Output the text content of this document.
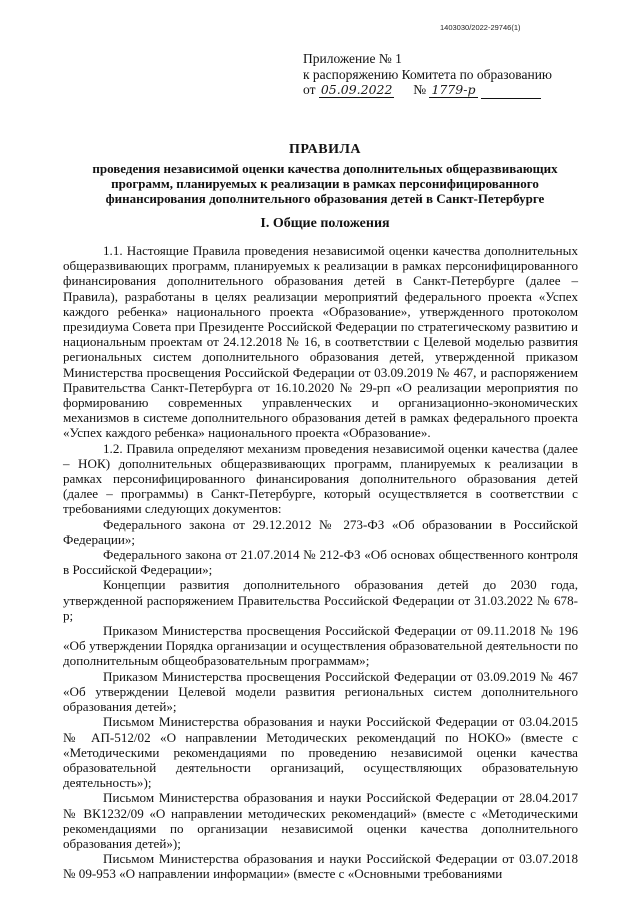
1403030/2022-29746(1)
Приложение № 1
к распоряжению Комитета по образованию
от 05.09.2022 № 1779-р
ПРАВИЛА
проведения независимой оценки качества дополнительных общеразвивающих программ, планируемых к реализации в рамках персонифицированного финансирования дополнительного образования детей в Санкт-Петербурге
I. Общие положения

1.1. Настоящие Правила проведения независимой оценки качества дополнительных общеразвивающих программ, планируемых к реализации в рамках персонифицированного финансирования дополнительного образования детей в Санкт-Петербурге (далее – Правила), разработаны в целях реализации мероприятий федерального проекта «Успех каждого ребенка» национального проекта «Образование», утвержденного протоколом президиума Совета при Президенте Российской Федерации по стратегическому развитию и национальным проектам от 24.12.2018 № 16, в соответствии с Целевой моделью развития региональных систем дополнительного образования детей, утвержденной приказом Министерства просвещения Российской Федерации от 03.09.2019 № 467, и распоряжением Правительства Санкт-Петербурга от 16.10.2020 № 29-рп «О реализации мероприятия по формированию современных управленческих и организационно-экономических механизмов в системе дополнительного образования детей в рамках федерального проекта «Успех каждого ребенка» национального проекта «Образование».

1.2. Правила определяют механизм проведения независимой оценки качества (далее – НОК) дополнительных общеразвивающих программ, планируемых к реализации в рамках персонифицированного финансирования дополнительного образования детей (далее – программы) в Санкт-Петербурге, который осуществляется в соответствии с требованиями следующих документов:

Федерального закона от 29.12.2012 № 273-ФЗ «Об образовании в Российской Федерации»;

Федерального закона от 21.07.2014 № 212-ФЗ «Об основах общественного контроля в Российской Федерации»;

Концепции развития дополнительного образования детей до 2030 года, утвержденной распоряжением Правительства Российской Федерации от 31.03.2022 № 678-р;

Приказом Министерства просвещения Российской Федерации от 09.11.2018 № 196 «Об утверждении Порядка организации и осуществления образовательной деятельности по дополнительным общеобразовательным программам»;

Приказом Министерства просвещения Российской Федерации от 03.09.2019 № 467 «Об утверждении Целевой модели развития региональных систем дополнительного образования детей»;

Письмом Министерства образования и науки Российской Федерации от 03.04.2015 № АП-512/02 «О направлении Методических рекомендаций по НОКО» (вместе с «Методическими рекомендациями по проведению независимой оценки качества образовательной деятельности организаций, осуществляющих образовательную деятельность»);

Письмом Министерства образования и науки Российской Федерации от 28.04.2017 № ВК1232/09 «О направлении методических рекомендаций» (вместе с «Методическими рекомендациями по организации независимой оценки качества дополнительного образования детей»);

Письмом Министерства образования и науки Российской Федерации от 03.07.2018 № 09-953 «О направлении информации» (вместе с «Основными требованиями
